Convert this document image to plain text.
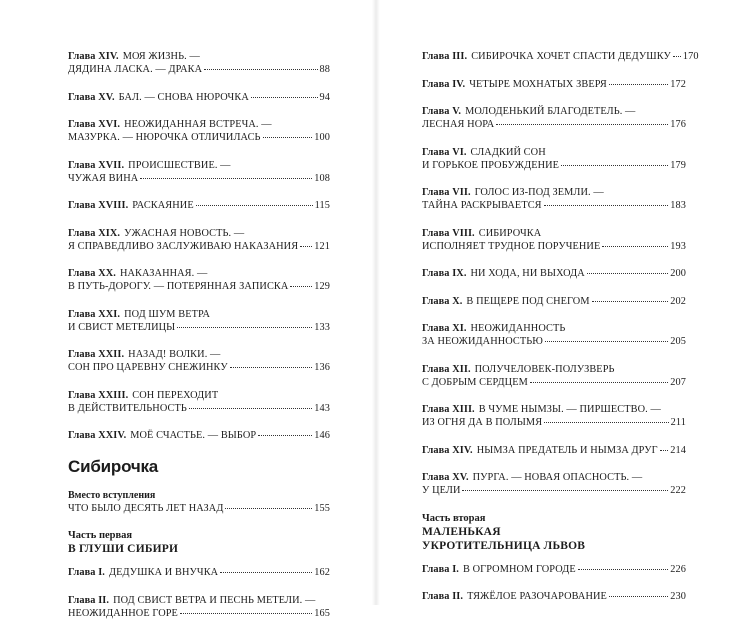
Глава XIV. МОЯ ЖИЗНЬ. —
ДЯДИНА ЛАСКА. — ДРАКА	88
Глава XV. БАЛ. — СНОВА НЮРОЧКА	94
Глава XVI. НЕОЖИДАННАЯ ВСТРЕЧА. —
МАЗУРКА. — НЮРОЧКА ОТЛИЧИЛАСЬ	100
Глава XVII. ПРОИСШЕСТВИЕ. —
ЧУЖАЯ ВИНА	108
Глава XVIII. РАСКАЯНИЕ	115
Глава XIX. УЖАСНАЯ НОВОСТЬ. —
Я СПРАВЕДЛИВО ЗАСЛУЖИВАЮ НАКАЗАНИЯ 121
Глава XX. НАКАЗАННАЯ. —
В ПУТЬ-ДОРОГУ. — ПОТЕРЯННАЯ ЗАПИСКА	129
Глава XXI. ПОД ШУМ ВЕТРА
И СВИСТ МЕТЕЛИЦЫ	133
Глава XXII. НАЗАД! ВОЛКИ. —
СОН ПРО ЦАРЕВНУ СНЕЖИНКУ	136
Глава XXIII. СОН ПЕРЕХОДИТ
В ДЕЙСТВИТЕЛЬНОСТЬ	143
Глава XXIV. МОЁ СЧАСТЬЕ. — ВЫБОР	146
Сибирочка
Вместо вступления
ЧТО БЫЛО ДЕСЯТЬ ЛЕТ НАЗАД	155
Часть первая
В ГЛУШИ СИБИРИ
Глава I. ДЕДУШКА И ВНУЧКА	162
Глава II. ПОД СВИСТ ВЕТРА И ПЕСНЬ МЕТЕЛИ. —
НЕОЖИДАННОЕ ГОРЕ	165
Глава III. СИБИРОЧКА ХОЧЕТ СПАСТИ ДЕДУШКУ 170
Глава IV. ЧЕТЫРЕ МОХНАТЫХ ЗВЕРЯ	172
Глава V. МОЛОДЕНЬКИЙ БЛАГОДЕТЕЛЬ. —
ЛЕСНАЯ НОРА	176
Глава VI. СЛАДКИЙ СОН
И ГОРЬКОЕ ПРОБУЖДЕНИЕ	179
Глава VII. ГОЛОС ИЗ-ПОД ЗЕМЛИ. —
ТАЙНА РАСКРЫВАЕТСЯ	183
Глава VIII. СИБИРОЧКА
ИСПОЛНЯЕТ ТРУДНОЕ ПОРУЧЕНИЕ	193
Глава IX. НИ ХОДА, НИ ВЫХОДА	200
Глава X. В ПЕЩЕРЕ ПОД СНЕГОМ	202
Глава XI. НЕОЖИДАННОСТЬ
ЗА НЕОЖИДАННОСТЬЮ	205
Глава XII. ПОЛУЧЕЛОВЕК-ПОЛУЗВЕРЬ
С ДОБРЫМ СЕРДЦЕМ	207
Глава XIII. В ЧУМЕ НЫМЗЫ. — ПИРШЕСТВО. —
ИЗ ОГНЯ ДА В ПОЛЫМЯ	211
Глава XIV. НЫМЗА ПРЕДАТЕЛЬ И НЫМЗА ДРУГ 214
Глава XV. ПУРГА. — НОВАЯ ОПАСНОСТЬ. —
У ЦЕЛИ	222
Часть вторая
МАЛЕНЬКАЯ
УКРОТИТЕЛЬНИЦА ЛЬВОВ
Глава I. В ОГРОМНОМ ГОРОДЕ	226
Глава II. ТЯЖЁЛОЕ РАЗОЧАРОВАНИЕ	230
